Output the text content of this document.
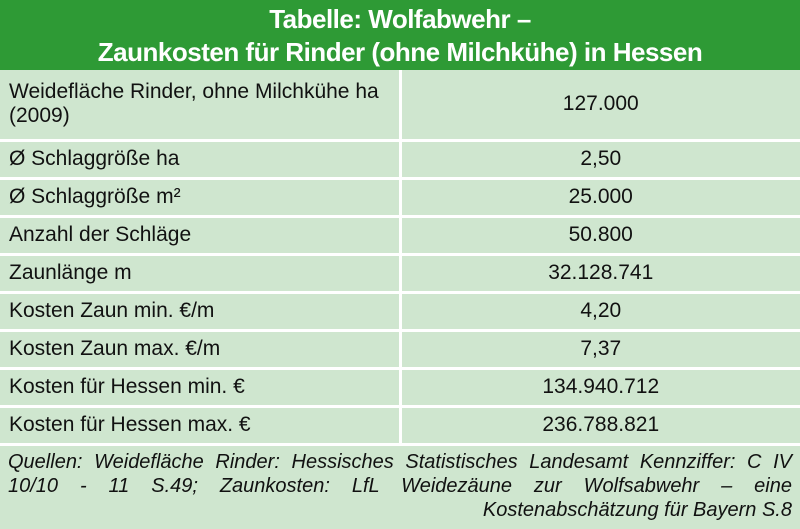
Tabelle: Wolfabwehr –
Zaunkosten für Rinder (ohne Milchkühe) in Hessen
Weidefläche Rinder, ohne Milchkühe ha (2009)	127.000
Ø Schlaggröße ha	2,50
Ø Schlaggröße m²	25.000
Anzahl der Schläge	50.800
Zaunlänge m	32.128.741
Kosten Zaun min. €/m	4,20
Kosten Zaun max. €/m	7,37
Kosten für Hessen min. €	134.940.712
Kosten für Hessen max. €	236.788.821
Quellen: Weidefläche Rinder: Hessisches Statistisches Landesamt Kennziffer: C IV 10/10 - 11 S.49; Zaunkosten: LfL Weidezäune zur Wolfsabwehr – eine Kostenabschätzung für Bayern S.8
